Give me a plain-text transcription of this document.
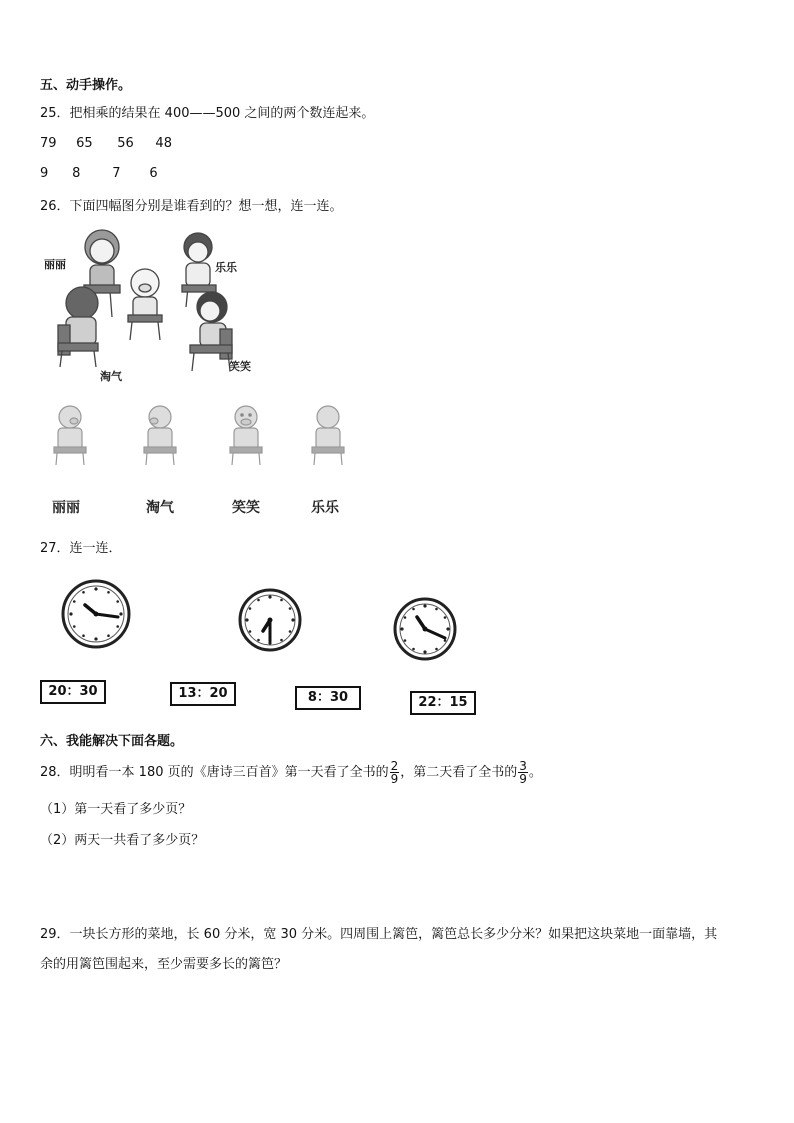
五、动手操作。
25．把相乘的结果在 400——500 之间的两个数连起来。
79 65 56 48
9 8 7 6
26．下面四幅图分别是谁看到的？想一想，连一连。
丽丽	乐乐
淘气
笑笑
丽丽	淘气	笑笑	乐乐
27．连一连．
20：30	13：20	8：30	22：15
六、我能解决下面各题。
28．明明看一本 180 页的《唐诗三百首》第一天看了全书的 $\frac{2}{9}$ ，第二天看了全书的 $\frac{3}{9}$ 。
（1）第一天看了多少页？
（2）两天一共看了多少页？
29．一块长方形的菜地，长 60 分米，宽 30 分米。四周围上篱笆，篱笆总长多少分米？如果把这块菜地一面靠墙，其
余的用篱笆围起来，至少需要多长的篱笆？
